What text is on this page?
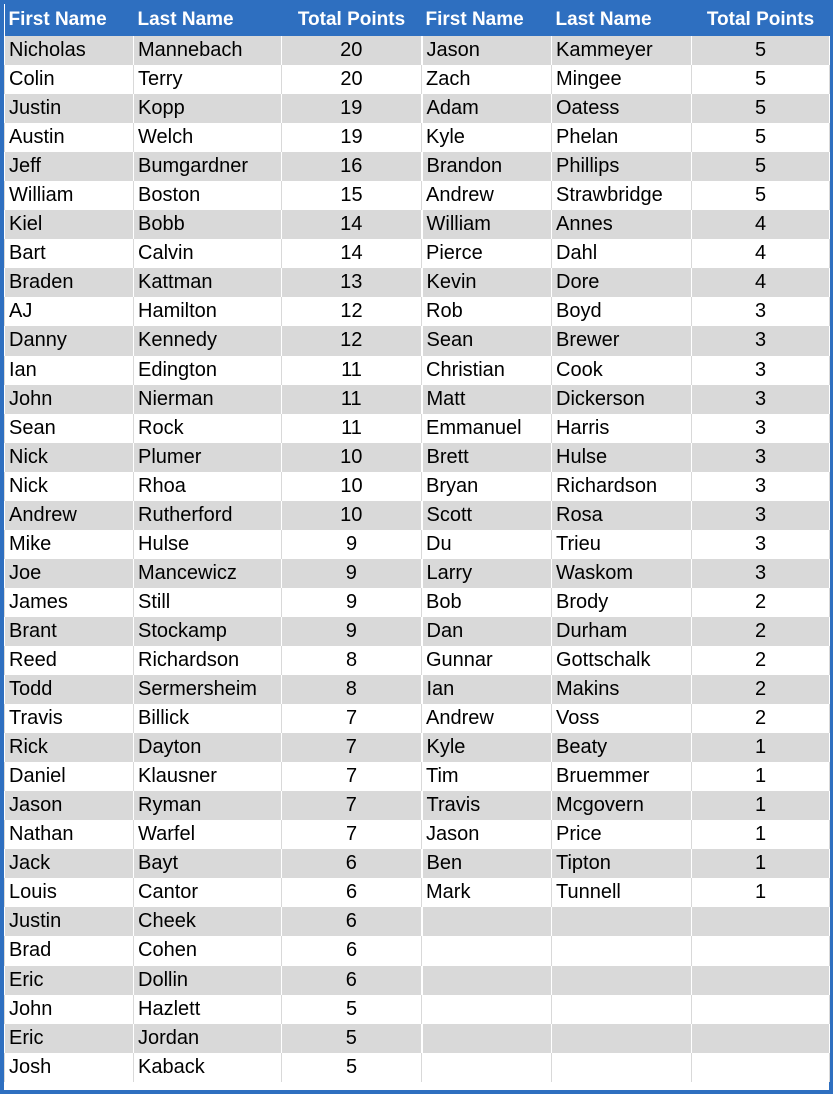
First Name	Last Name	Total Points	First Name	Last Name	Total Points
Nicholas	Mannebach	20	Jason	Kammeyer	5
Colin	Terry	20	Zach	Mingee	5
Justin	Kopp	19	Adam	Oatess	5
Austin	Welch	19	Kyle	Phelan	5
Jeff	Bumgardner	16	Brandon	Phillips	5
William	Boston	15	Andrew	Strawbridge	5
Kiel	Bobb	14	William	Annes	4
Bart	Calvin	14	Pierce	Dahl	4
Braden	Kattman	13	Kevin	Dore	4
AJ	Hamilton	12	Rob	Boyd	3
Danny	Kennedy	12	Sean	Brewer	3
Ian	Edington	11	Christian	Cook	3
John	Nierman	11	Matt	Dickerson	3
Sean	Rock	11	Emmanuel	Harris	3
Nick	Plumer	10	Brett	Hulse	3
Nick	Rhoa	10	Bryan	Richardson	3
Andrew	Rutherford	10	Scott	Rosa	3
Mike	Hulse	9	Du	Trieu	3
Joe	Mancewicz	9	Larry	Waskom	3
James	Still	9	Bob	Brody	2
Brant	Stockamp	9	Dan	Durham	2
Reed	Richardson	8	Gunnar	Gottschalk	2
Todd	Sermersheim	8	Ian	Makins	2
Travis	Billick	7	Andrew	Voss	2
Rick	Dayton	7	Kyle	Beaty	1
Daniel	Klausner	7	Tim	Bruemmer	1
Jason	Ryman	7	Travis	Mcgovern	1
Nathan	Warfel	7	Jason	Price	1
Jack	Bayt	6	Ben	Tipton	1
Louis	Cantor	6	Mark	Tunnell	1
Justin	Cheek	6			
Brad	Cohen	6			
Eric	Dollin	6			
John	Hazlett	5			
Eric	Jordan	5			
Josh	Kaback	5			
